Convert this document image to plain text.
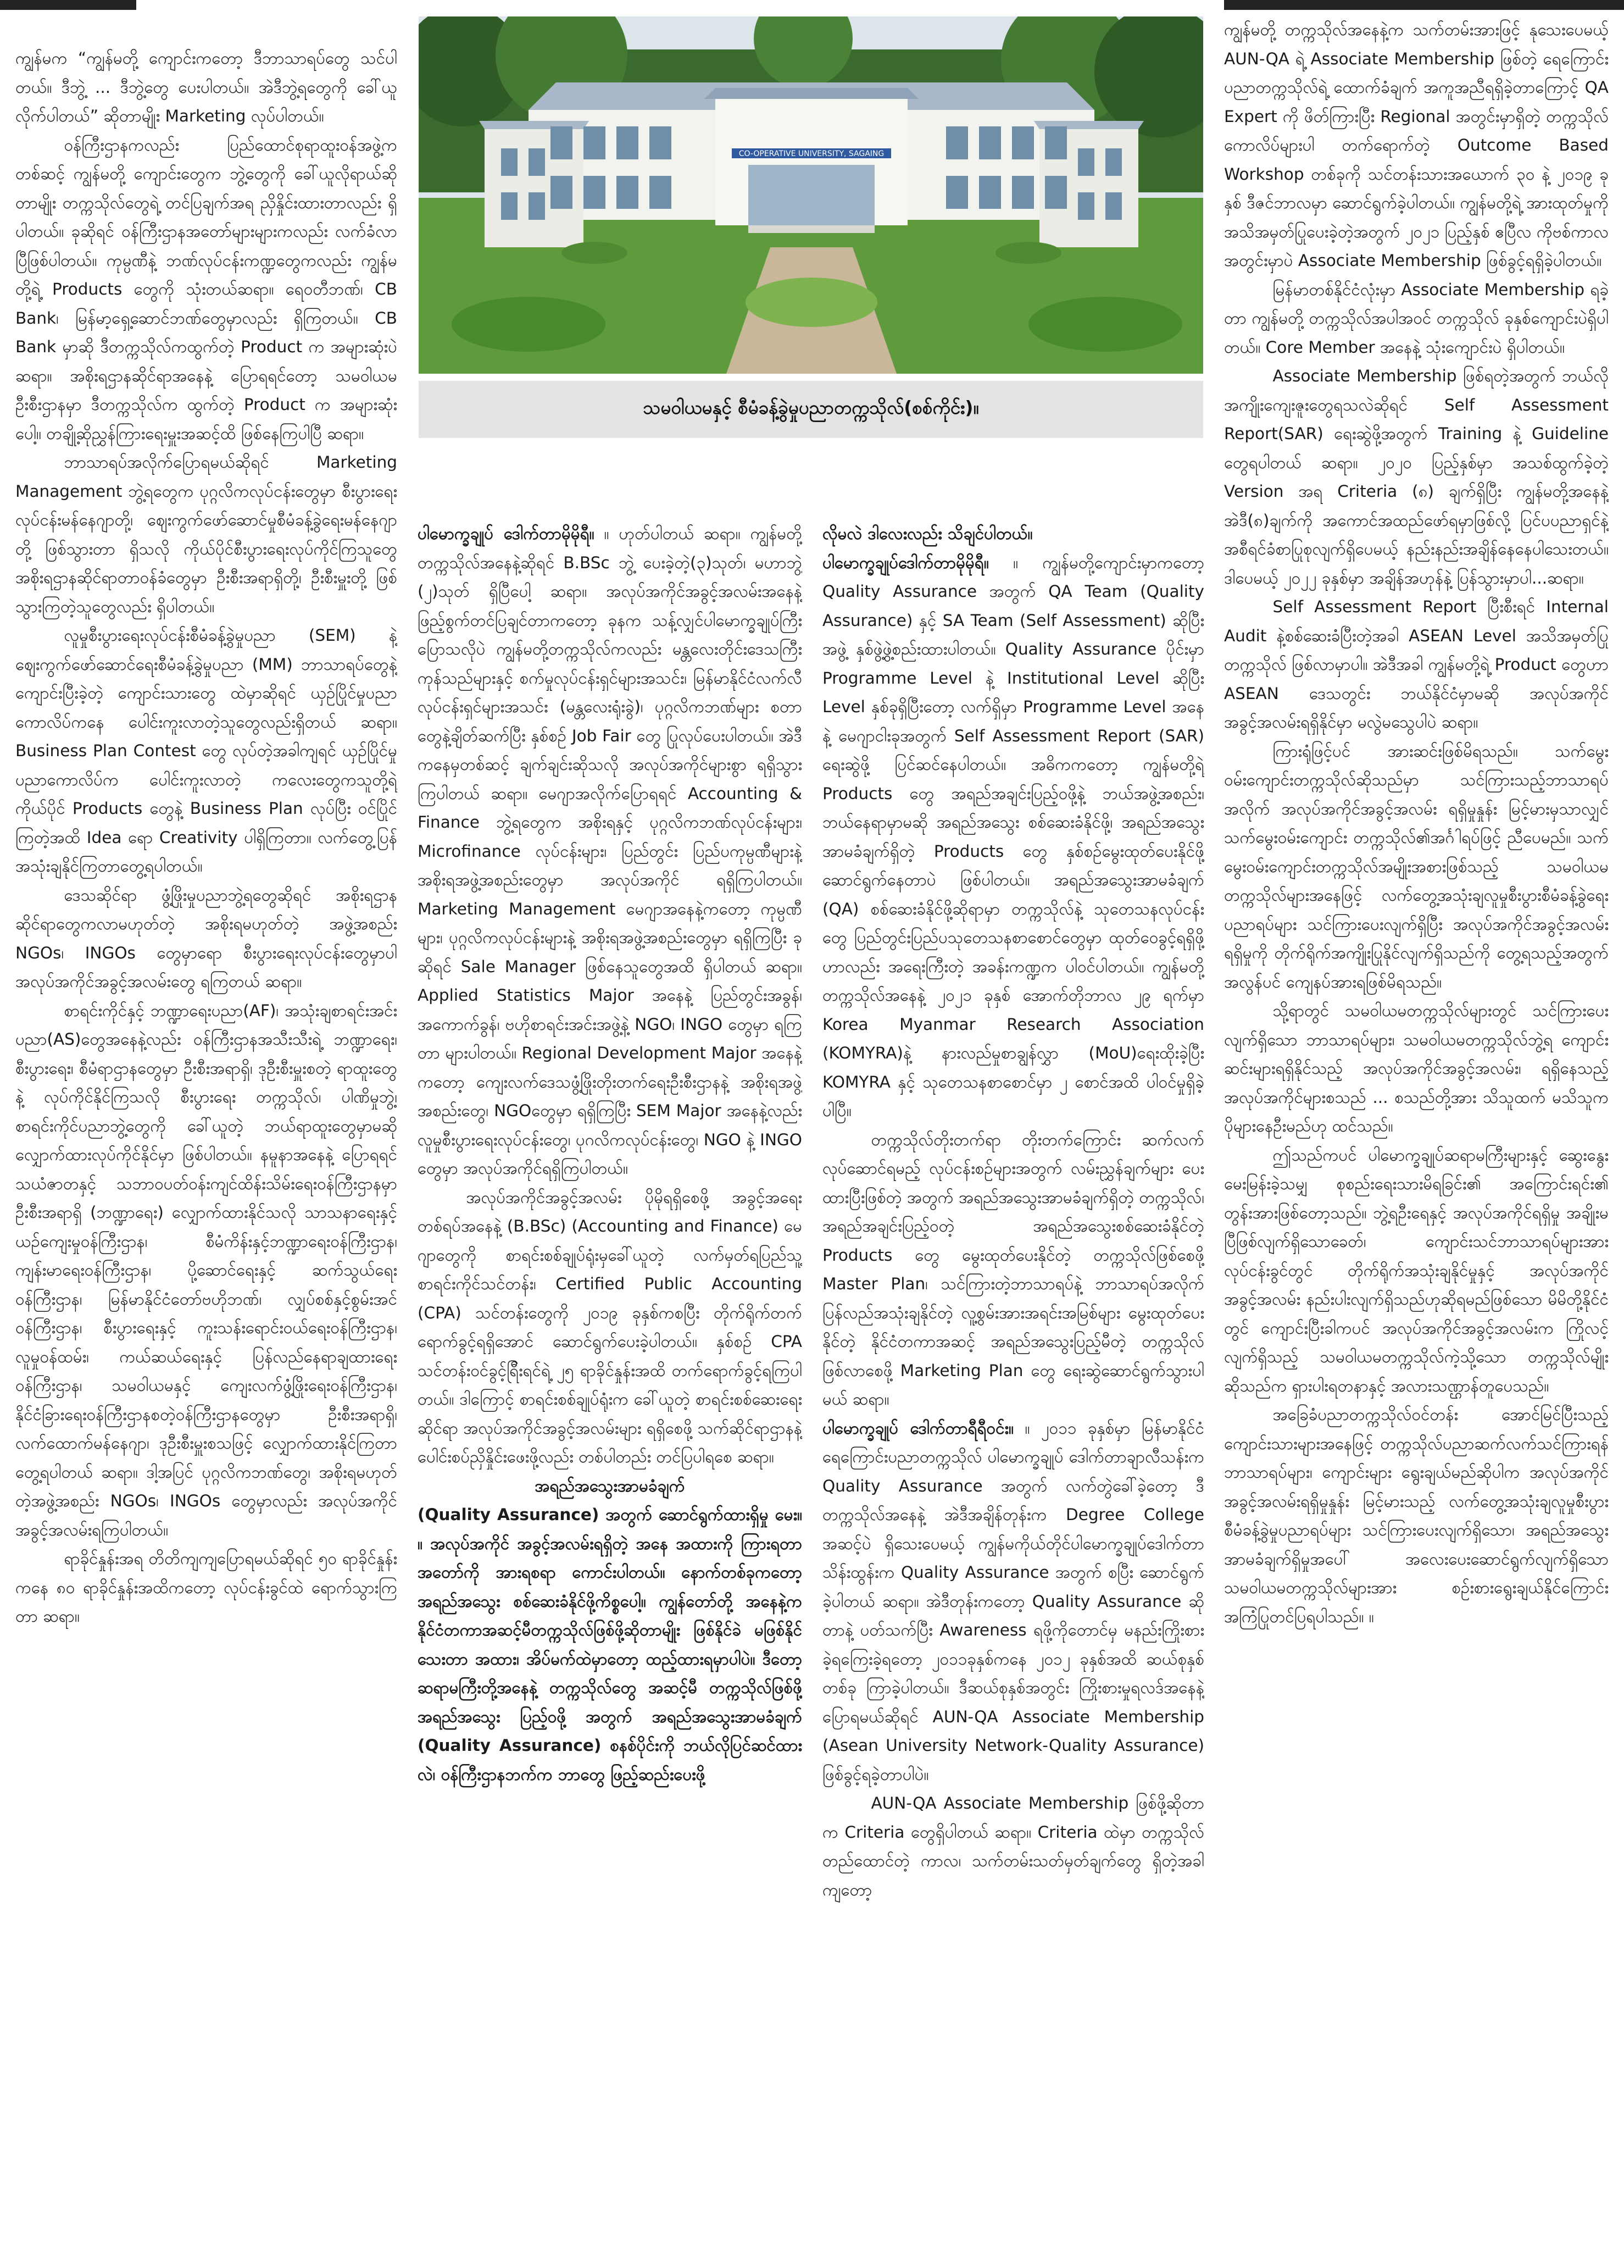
ကျွန်မက “ကျွန်မတို့ ကျောင်းကတော့ ဒီဘာသာရပ်တွေ သင်ပါတယ်။ ဒီဘွဲ့ ... ဒီဘွဲ့တွေ ပေးပါတယ်။ အဲဒီဘွဲ့ရတွေကို ခေါ်ယူလိုက်ပါတယ်” ဆိုတာမျိုး Marketing လုပ်ပါတယ်။

ဝန်ကြီးဌာနကလည်း ပြည်ထောင်စုရာထူးဝန်အဖွဲ့ကတစ်ဆင့် ကျွန်မတို့ ကျောင်းတွေက ဘွဲ့တွေကို ခေါ်ယူလိုရာယ်ဆိုတာမျိုး တက္ကသိုလ်တွေရဲ့ တင်ပြချက်အရ ညှိနှိုင်းထားတာလည်း ရှိပါတယ်။ ခုဆိုရင် ဝန်ကြီးဌာနအတော်များများကလည်း လက်ခံလာပြီဖြစ်ပါတယ်။ ကုမ္ပဏီနဲ့ ဘဏ်လုပ်ငန်းကဏ္ဍတွေကလည်း ကျွန်မတို့ရဲ့ Products တွေကို သုံးတယ်ဆရာ။ ရေဝတီဘဏ်၊ CB Bank၊ မြန်မာ့ရှေ့ဆောင်ဘဏ်တွေမှာလည်း ရှိကြတယ်။ CB Bank မှာဆို ဒီတက္ကသိုလ်ကထွက်တဲ့ Product က အများဆုံးပဲ ဆရာ။ အစိုးရဌာနဆိုင်ရာအနေနဲ့ ပြောရရင်တော့ သမဝါယမဦးစီးဌာနမှာ ဒီတက္ကသိုလ်က ထွက်တဲ့ Product က အများဆုံးပေါ့။ တချို့ဆိုညွှန်ကြားရေးမှူးအဆင့်ထိ ဖြစ်နေကြပါပြီ ဆရာ။

ဘာသာရပ်အလိုက်ပြောရမယ်ဆိုရင် Marketing Management ဘွဲ့ရတွေက ပုဂ္ဂလိကလုပ်ငန်းတွေမှာ စီးပွားရေးလုပ်ငန်းမန်နေဂျာတို့၊ ဈေးကွက်ဖော်ဆောင်မှုစီမံခန့်ခွဲရေးမန်နေဂျာတို့ ဖြစ်သွားတာ ရှိသလို ကိုယ်ပိုင်စီးပွားရေးလုပ်ကိုင်ကြသူတွေ အစိုးရဌာနဆိုင်ရာတာဝန်ခံတွေမှာ ဦးစီးအရာရှိတို့၊ ဦးစီးမှူးတို့ ဖြစ်သွားကြတဲ့သူတွေလည်း ရှိပါတယ်။

လူမှုစီးပွားရေးလုပ်ငန်းစီမံခန့်ခွဲမှုပညာ (SEM) နဲ့ ဈေးကွက်ဖော်ဆောင်ရေးစီမံခန့်ခွဲမှုပညာ (MM) ဘာသာရပ်တွေနဲ့ကျောင်းပြီးခဲ့တဲ့ ကျောင်းသားတွေ ထဲမှာဆိုရင် ယှဉ်ပြိုင်မှုပညာကောလိပ်ကနေ ပေါင်းကူးလာတဲ့သူတွေလည်းရှိတယ် ဆရာ။ Business Plan Contest တွေ လုပ်တဲ့အခါကျရင် ယှဉ်ပြိုင်မှုပညာကောလိပ်က ပေါင်းကူးလာတဲ့ ကလေးတွေကသူတို့ရဲ့ ကိုယ်ပိုင် Products တွေနဲ့ Business Plan လုပ်ပြီး ဝင်ပြိုင်ကြတဲ့အထိ Idea ရော Creativity ပါရှိကြတာ။ လက်တွေ့ပြန်အသုံးချနိုင်ကြတာတွေ့ရပါတယ်။

ဒေသဆိုင်ရာ ဖွံ့ဖြိုးမှုပညာဘွဲ့ရတွေဆိုရင် အစိုးရဌာနဆိုင်ရာတွေကလာမဟုတ်တဲ့ အစိုးရမဟုတ်တဲ့ အဖွဲ့အစည်း NGOs၊ INGOs တွေမှာရော စီးပွားရေးလုပ်ငန်းတွေမှာပါ အလုပ်အကိုင်အခွင့်အလမ်းတွေ ရကြတယ် ဆရာ။

စာရင်းကိုင်နှင့် ဘဏ္ဍာရေးပညာ(AF)၊ အသုံးချစာရင်းအင်းပညာ(AS)တွေအနေနဲ့လည်း ဝန်ကြီးဌာနအသီးသီးရဲ့ ဘဏ္ဍာရေး၊ စီးပွားရေး၊ စီမံရာဌာနတွေမှာ ဦးစီးအရာရှိ၊ ဒုဦးစီးမှူးစတဲ့ ရာထူးတွေနဲ့ လုပ်ကိုင်နိုင်ကြသလို စီးပွားရေး တက္ကသိုလ်၊ ပါဏိမှုဘွဲ့၊ စာရင်းကိုင်ပညာဘွဲ့တွေကို ခေါ်ယူတဲ့ ဘယ်ရာထူးတွေမှာမဆို လျှောက်ထားလုပ်ကိုင်နိုင်မှာ ဖြစ်ပါတယ်။ နမူနာအနေနဲ့ ပြောရရင် သယံဇာတနှင့် သဘာဝပတ်ဝန်းကျင်ထိန်းသိမ်းရေးဝန်ကြီးဌာနမှာ ဦးစီးအရာရှိ (ဘဏ္ဍာရေး) လျှောက်ထားနိုင်သလို သာသနာရေးနှင့်ယဉ်ကျေးမှုဝန်ကြီးဌာန၊ စီမံကိန်းနှင့်ဘဏ္ဍာရေးဝန်ကြီးဌာန၊ ကျန်းမာရေးဝန်ကြီးဌာန၊ ပို့ဆောင်ရေးနှင့် ဆက်သွယ်ရေးဝန်ကြီးဌာန၊ မြန်မာနိုင်ငံတော်ဗဟိုဘဏ်၊ လျှပ်စစ်နှင့်စွမ်းအင်ဝန်ကြီးဌာန၊ စီးပွားရေးနှင့် ကူးသန်းရောင်းဝယ်ရေးဝန်ကြီးဌာန၊ လူမှုဝန်ထမ်း၊ ကယ်ဆယ်ရေးနှင့် ပြန်လည်နေရာချထားရေးဝန်ကြီးဌာန၊ သမဝါယမနှင့် ကျေးလက်ဖွံ့ဖြိုးရေးဝန်ကြီးဌာန၊ နိုင်ငံခြားရေးဝန်ကြီးဌာနစတဲ့ဝန်ကြီးဌာနတွေမှာ ဦးစီးအရာရှိ၊ လက်ထောက်မန်နေဂျာ၊ ဒုဦးစီးမှူးစသဖြင့် လျှောက်ထားနိုင်ကြတာ တွေ့ရပါတယ် ဆရာ။ ဒါ့အပြင် ပုဂ္ဂလိကဘဏ်တွေ၊ အစိုးရမဟုတ်တဲ့အဖွဲ့အစည်း NGOs၊ INGOs တွေမှာလည်း အလုပ်အကိုင်အခွင့်အလမ်းရကြပါတယ်။

ရာခိုင်နှုန်းအရ တိတိကျကျပြောရမယ်ဆိုရင် ၅၀ ရာခိုင်နှုန်းကနေ ၈၀ ရာခိုင်နှုန်းအထိကတော့ လုပ်ငန်းခွင်ထဲ ရောက်သွားကြတာ ဆရာ။

CO-OPERATIVE UNIVERSITY, SAGAING
သမဝါယမနှင့် စီမံခန့်ခွဲမှုပညာတက္ကသိုလ်(စစ်ကိုင်း)။

ပါမောက္ခချုပ် ဒေါက်တာမိုမိုရီ။ ။ ဟုတ်ပါတယ် ဆရာ။ ကျွန်မတို့ တက္ကသိုလ်အနေနဲ့ဆိုရင် B.BSc ဘွဲ့ ပေးခဲ့တဲ့(၃)သုတ်၊ မဟာဘွဲ့ (၂)သုတ် ရှိပြီပေါ့ ဆရာ။ အလုပ်အကိုင်အခွင့်အလမ်းအနေနဲ့ ဖြည့်စွက်တင်ပြချင်တာကတော့ ခုနက သန့်လျှင်ပါမောက္ခချုပ်ကြီးပြောသလိုပဲ ကျွန်မတို့တက္ကသိုလ်ကလည်း မန္တလေးတိုင်းဒေသကြီး ကုန်သည်များနှင့် စက်မှုလုပ်ငန်းရှင်များအသင်း၊ မြန်မာနိုင်ငံလက်လီလုပ်ငန်းရှင်များအသင်း (မန္တလေးရုံးခွဲ)၊ ပုဂ္ဂလိကဘဏ်များ စတာတွေနဲ့ချိတ်ဆက်ပြီး နှစ်စဉ် Job Fair တွေ ပြုလုပ်ပေးပါတယ်။ အဲဒီကနေမှတစ်ဆင့် ချက်ချင်းဆိုသလို အလုပ်အကိုင်များစွာ ရရှိသွားကြပါတယ် ဆရာ။ မေဂျာအလိုက်ပြောရရင် Accounting & Finance ဘွဲ့ရတွေက အစိုးရနှင့် ပုဂ္ဂလိကဘဏ်လုပ်ငန်းများ၊ Microfinance လုပ်ငန်းများ၊ ပြည်တွင်း ပြည်ပကုမ္ပဏီများနဲ့ အစိုးရအဖွဲ့အစည်းတွေမှာ အလုပ်အကိုင် ရရှိကြပါတယ်။ Marketing Management မေဂျာအနေနဲ့ကတော့ ကုမ္ပဏီများ၊ ပုဂ္ဂလိကလုပ်ငန်းများနဲ့ အစိုးရအဖွဲ့အစည်းတွေမှာ ရရှိကြပြီး ခုဆိုရင် Sale Manager ဖြစ်နေသူတွေအထိ ရှိပါတယ် ဆရာ။ Applied Statistics Major အနေနဲ့ ပြည်တွင်းအခွန်၊ အကောက်ခွန်၊ ဗဟိုစာရင်းအင်းအဖွဲ့နဲ့ NGO၊ INGO တွေမှာ ရကြတာ များပါတယ်။ Regional Development Major အနေနဲ့ကတော့ ကျေးလက်ဒေသဖွံ့ဖြိုးတိုးတက်ရေးဦးစီးဌာနနဲ့ အစိုးရအဖွဲ့အစည်းတွေ၊ NGOတွေမှာ ရရှိကြပြီး SEM Major အနေနဲ့လည်း လူမှုစီးပွားရေးလုပ်ငန်းတွေ၊ ပုဂလိကလုပ်ငန်းတွေ၊ NGO နဲ့ INGO တွေမှာ အလုပ်အကိုင်ရရှိကြပါတယ်။

အလုပ်အကိုင်အခွင့်အလမ်း ပိုမိုရရှိစေဖို့ အခွင့်အရေးတစ်ရပ်အနေနဲ့ (B.BSc) (Accounting and Finance) မေဂျာတွေကို စာရင်းစစ်ချုပ်ရုံးမှခေါ်ယူတဲ့ လက်မှတ်ရပြည်သူ့စာရင်းကိုင်သင်တန်း၊ Certified Public Accounting (CPA) သင်တန်းတွေကို ၂၀၁၉ ခုနှစ်ကစပြီး တိုက်ရိုက်တက်ရောက်ခွင့်ရရှိအောင် ဆောင်ရွက်ပေးခဲ့ပါတယ်။ နှစ်စဉ် CPA သင်တန်းဝင်ခွင့်ရြီးရင်ရဲ့ ၂၅ ရာခိုင်နှုန်းအထိ တက်ရောက်ခွင့်ရကြပါတယ်။ ဒါကြောင့် စာရင်းစစ်ချုပ်ရုံးက ခေါ်ယူတဲ့ စာရင်းစစ်ဆေးရေးဆိုင်ရာ အလုပ်အကိုင်အခွင့်အလမ်းများ ရရှိစေဖို့ သက်ဆိုင်ရာဌာနနဲ့ ပေါင်းစပ်ညှိနှိုင်းဖေးဖို့လည်း တစ်ပါတည်း တင်ပြပါရစေ ဆရာ။

အရည်အသွေးအာမခံချက်

(Quality Assurance) အတွက် ဆောင်ရွက်ထားရှိမှု မေး။ ။ အလုပ်အကိုင် အခွင့်အလမ်းရရှိတဲ့ အနေ အထားကို ကြားရတာ အတော်ကို အားရစရာ ကောင်းပါတယ်။ နောက်တစ်ခုကတော့ အရည်အသွေး စစ်ဆေးခံနိုင်ဖို့ကိစ္စပေါ့။ ကျွန်တော်တို့ အနေနဲ့က နိုင်ငံတကာအဆင့်မီတက္ကသိုလ်ဖြစ်ဖို့ဆိုတာမျိုး ဖြစ်နိုင်ခဲ မဖြစ်နိုင်သေးတာ အထား၊ အိပ်မက်ထဲမှာတော့ ထည့်ထားရမှာပါပဲ။ ဒီတော့ ဆရာမကြီးတို့အနေနဲ့ တက္ကသိုလ်တွေ အဆင့်မီ တက္ကသိုလ်ဖြစ်ဖို့ အရည်အသွေး ပြည့်ဝဖို့ အတွက် အရည်အသွေးအာမခံချက် (Quality Assurance) စနစ်ပိုင်းကို ဘယ်လိုပြင်ဆင်ထားလဲ၊ ဝန်ကြီးဌာနဘက်က ဘာတွေ ဖြည့်ဆည်းပေးဖို့

လိုမလဲ ဒါလေးလည်း သိချင်ပါတယ်။

ပါမောက္ခချုပ်ဒေါက်တာမိုမိုရီ။ ။ ကျွန်မတို့ကျောင်းမှာကတော့ Quality Assurance အတွက် QA Team (Quality Assurance) နှင့် SA Team (Self Assessment) ဆိုပြီး အဖွဲ့ နှစ်ဖွဲ့ဖွဲ့စည်းထားပါတယ်။ Quality Assurance ပိုင်းမှာ Programme Level နဲ့ Institutional Level ဆိုပြီး Level နှစ်ခုရှိပြီးတော့ လက်ရှိမှာ Programme Level အနေနဲ့ မေဂျာငါးခုအတွက် Self Assessment Report (SAR) ရေးဆွဲဖို့ ပြင်ဆင်နေပါတယ်။ အဓိကကတော့ ကျွန်မတို့ရဲ့ Products တွေ အရည်အချင်းပြည့်ဝဖို့နဲ့ ဘယ်အဖွဲ့အစည်း၊ ဘယ်နေရာမှာမဆို အရည်အသွေး စစ်ဆေးခံနိုင်ဖို့၊ အရည်အသွေးအာမခံချက်ရှိတဲ့ Products တွေ နှစ်စဉ်မွေးထုတ်ပေးနိုင်ဖို့ ဆောင်ရွက်နေတာပဲ ဖြစ်ပါတယ်။ အရည်အသွေးအာမခံချက် (QA) စစ်ဆေးခံနိုင်ဖို့ဆိုရာမှာ တက္ကသိုလ်နဲ့ သုတေသနလုပ်ငန်းတွေ ပြည်တွင်းပြည်ပသုတေသနစာစောင်တွေမှာ ထုတ်ဝေခွင့်ရရှိဖို့ဟာလည်း အရေးကြီးတဲ့ အခန်းကဏ္ဍက ပါဝင်ပါတယ်။ ကျွန်မတို့တက္ကသိုလ်အနေနဲ့ ၂၀၂၁ ခုနှစ် အောက်တိုဘာလ ၂၉ ရက်မှာ Korea Myanmar Research Association (KOMYRA)နဲ့ နားလည်မှုစာချွန်လွှာ (MoU)ရေးထိုးခဲ့ပြီး KOMYRA နှင့် သုတေသနစာစောင်မှာ ၂ စောင်အထိ ပါဝင်မှုရှိခဲ့ပါပြီ။

တက္ကသိုလ်တိုးတက်ရာ တိုးတက်ကြောင်း ဆက်လက်လုပ်ဆောင်ရမည့် လုပ်ငန်းစဉ်များအတွက် လမ်းညွှန်ချက်များ ပေးထားပြီးဖြစ်တဲ့ အတွက် အရည်အသွေးအာမခံချက်ရှိတဲ့ တက္ကသိုလ်၊ အရည်အချင်းပြည့်ဝတဲ့ အရည်အသွေးစစ်ဆေးခံနိုင်တဲ့ Products တွေ မွေးထုတ်ပေးနိုင်တဲ့ တက္ကသိုလ်ဖြစ်စေဖို့ Master Plan၊ သင်ကြားတဲ့ဘာသာရပ်နဲ့ ဘာသာရပ်အလိုက် ပြန်လည်အသုံးချနိုင်တဲ့ လူ့စွမ်းအားအရင်းအမြစ်များ မွေးထုတ်ပေးနိုင်တဲ့ နိုင်ငံတကာအဆင့် အရည်အသွေးပြည့်မီတဲ့ တက္ကသိုလ် ဖြစ်လာစေဖို့ Marketing Plan တွေ ရေးဆွဲဆောင်ရွက်သွားပါမယ် ဆရာ။

ပါမောက္ခချုပ် ဒေါက်တာရီရီဝင်း။ ။ ၂၀၁၁ ခုနှစ်မှာ မြန်မာနိုင်ငံ ရေကြောင်းပညာတက္ကသိုလ် ပါမောက္ခချုပ် ဒေါက်တာချာလီသန်းက Quality Assurance အတွက် လက်တွဲခေါ်ခဲ့တော့ ဒီတက္ကသိုလ်အနေနဲ့ အဲဒီအချိန်တုန်းက Degree College အဆင့်ပဲ ရှိသေးပေမယ့် ကျွန်မကိုယ်တိုင်ပါမောက္ခချုပ်ဒေါက်တာ သိန်းထွန်းက Quality Assurance အတွက် စပြီး ဆောင်ရွက်ခဲ့ပါတယ် ဆရာ။ အဲဒီတုန်းကတော့ Quality Assurance ဆိုတာနဲ့ ပတ်သက်ပြီး Awareness ရဖို့ကိုတောင်မှ မနည်းကြိုးစားခဲ့ရ‌ကြေးခဲ့ရတော့ ၂၀၁၁ခုနှစ်ကနေ ၂၀၁၂ ခုနှစ်အထိ ဆယ်စုနှစ်တစ်ခု ကြာခဲ့ပါတယ်။ ဒီဆယ်စုနှစ်အတွင်း ကြိုးစားမှုရလဒ်အနေနဲ့ ပြောရမယ်ဆိုရင် AUN-QA Associate Membership (Asean University Network-Quality Assurance) ဖြစ်ခွင့်ရခဲ့တာပါပဲ။

AUN-QA Associate Membership ဖြစ်ဖို့ဆိုတာက Criteria တွေရှိပါတယ် ဆရာ။ Criteria ထဲမှာ တက္ကသိုလ်တည်ထောင်တဲ့ ကာလ၊ သက်တမ်းသတ်မှတ်ချက်တွေ ရှိတဲ့အခါကျတော့

ကျွန်မတို့ တက္ကသိုလ်အနေနဲ့က သက်တမ်းအားဖြင့် နုသေးပေမယ့် AUN-QA ရဲ့ Associate Membership ဖြစ်တဲ့ ရေကြောင်းပညာတက္ကသိုလ်ရဲ့ ထောက်ခံချက် အကူအညီရရှိခဲ့တာကြောင့် QA Expert ကို ဖိတ်ကြားပြီး Regional အတွင်းမှာရှိတဲ့ တက္ကသိုလ်ကောလိပ်များပါ တက်ရောက်တဲ့ Outcome Based Workshop တစ်ခုကို သင်တန်းသားအယောက် ၃၀ နဲ့ ၂၀၁၉ ခုနှစ် ဒီဇင်ဘာလမှာ ဆောင်ရွက်ခဲ့ပါတယ်။ ကျွန်မတို့ရဲ့ အားထုတ်မှုကို အသိအမှတ်ပြုပေးခဲ့တဲ့အတွက် ၂၀၂၁ ပြည့်နှစ် ဧပြီလ ကိုဗစ်ကာလအတွင်းမှာပဲ Associate Membership ဖြစ်ခွင့်ရရှိခဲ့ပါတယ်။

မြန်မာတစ်နိုင်ငံလုံးမှာ Associate Membership ရခဲ့တာ ကျွန်မတို့ တက္ကသိုလ်အပါအဝင် တက္ကသိုလ် ခုနှစ်ကျောင်းပဲရှိပါတယ်။ Core Member အနေနဲ့ သုံးကျောင်းပဲ ရှိပါတယ်။

Associate Membership ဖြစ်ရတဲ့အတွက် ဘယ်လိုအကျိုးကျေးဇူးတွေရသလဲဆိုရင် Self Assessment Report(SAR) ရေးဆွဲဖို့အတွက် Training နဲ့ Guideline တွေရပါတယ် ဆရာ။ ၂၀၂၀ ပြည့်နှစ်မှာ အသစ်ထွက်ခဲ့တဲ့ Version အရ Criteria (၈) ချက်ရှိပြီး ကျွန်မတို့အနေနဲ့ အဲဒီ(၈)ချက်ကို အကောင်အထည်ဖော်ရမှာဖြစ်လို့ ပြင်ပပညာရှင်နဲ့ အစီရင်ခံစာပြုစုလျက်ရှိပေမယ့် နည်းနည်းအချိန်နေနေပါသေးတယ်။ ဒါပေမယ့် ၂၀၂၂ ခုနှစ်မှာ အချိန်အဟုန်နဲ့ ပြန်သွားမှာပါ...ဆရာ။

Self Assessment Report ပြီးစီးရင် Internal Audit နဲ့စစ်ဆေးခံပြီးတဲ့အခါ ASEAN Level အသိအမှတ်ပြုတက္ကသိုလ် ဖြစ်လာမှာပါ။ အဲဒီအခါ ကျွန်မတို့ရဲ့ Product တွေဟာ ASEAN ဒေသတွင်း ဘယ်နိုင်ငံမှာမဆို အလုပ်အကိုင်အခွင့်အလမ်းရရှိနိုင်မှာ မလွဲမသွေပါပဲ ဆရာ။

ကြားရုံဖြင့်ပင် အားဆင်းဖြစ်မိရသည်။ သက်မွေးဝမ်းကျောင်းတက္ကသိုလ်ဆိုသည်မှာ သင်ကြားသည့်ဘာသာရပ်အလိုက် အလုပ်အကိုင်အခွင့်အလမ်း ရရှိမှုနှုန်း မြင့်မားမှသာလျှင် သက်မွေးဝမ်းကျောင်း တက္ကသိုလ်၏အင်္ဂါရပ်ဖြင့် ညီပေမည်။ သက်မွေးဝမ်းကျောင်းတက္ကသိုလ်အမျိုးအစားဖြစ်သည့် သမဝါယမတက္ကသိုလ်များအနေဖြင့် လက်တွေ့အသုံးချလူမှုစီးပွားစီမံခန့်ခွဲရေးပညာရပ်များ သင်ကြားပေးလျက်ရှိပြီး အလုပ်အကိုင်အခွင့်အလမ်းရရှိမှုကို တိုက်ရိုက်အကျိုးပြုနိုင်လျက်ရှိသည်ကို တွေ့ရသည့်အတွက် အလွန်ပင် ကျေနပ်အားရဖြစ်မိရသည်။

သို့ရာတွင် သမဝါယမတက္ကသိုလ်များတွင် သင်ကြားပေးလျက်ရှိသော ဘာသာရပ်များ၊ သမဝါယမတက္ကသိုလ်ဘွဲ့ရ ကျောင်းဆင်းများရရှိနိုင်သည့် အလုပ်အကိုင်အခွင့်အလမ်း၊ ရရှိနေသည့် အလုပ်အကိုင်များစသည် ... စသည်တို့အား သိသူထက် မသိသူက ပိုများနေဦးမည်ဟု ထင်သည်။

ဤသည်ကပင် ပါမောက္ခချုပ်ဆရာမကြီးများနှင့် ဆွေးနွေးမေးမြန်းခဲ့သမျှ စုစည်းရေးသားမိရခြင်း၏ အကြောင်းရင်း၏ တွန်းအားဖြစ်တော့သည်။ ဘွဲ့ရဦးရေနှင့် အလုပ်အကိုင်ရရှိမှု အချိုးမပြီဖြစ်လျက်ရှိသောခေတ်၊ ကျောင်းသင်ဘာသာရပ်များအား လုပ်ငန်းခွင်တွင် တိုက်ရိုက်အသုံးချနိုင်မှုနှင့် အလုပ်အကိုင်အခွင့်အလမ်း နည်းပါးလျက်ရှိသည်ဟုဆိုရမည်ဖြစ်သော မိမိတို့နိုင်ငံတွင် ကျောင်းပြီးခါကပင် အလုပ်အကိုင်အခွင့်အလမ်းက ကြိုလင့်လျက်ရှိသည့် သမဝါယမတက္ကသိုလ်ကဲ့သို့သော တက္ကသိုလ်မျိုးဆိုသည်က ရှားပါးရတနာနှင့် အလားသဏ္ဌာန်တူပေသည်။

အခြေခံပညာတက္ကသိုလ်ဝင်တန်း အောင်မြင်ပြီးသည့် ကျောင်းသားများအနေဖြင့် တက္ကသိုလ်ပညာဆက်လက်သင်ကြားရန် ဘာသာရပ်များ၊ ကျောင်းများ ရွေးချယ်မည်ဆိုပါက အလုပ်အကိုင်အခွင့်အလမ်းရရှိမှုနှုန်း မြင့်မားသည့် လက်တွေ့အသုံးချလူမှုစီးပွားစီမံခန့်ခွဲမှုပညာရပ်များ သင်ကြားပေးလျက်ရှိသော၊ အရည်အသွေးအာမခံချက်ရှိမှုအပေါ် အလေးပေးဆောင်ရွက်လျက်ရှိသော သမဝါယမတက္ကသိုလ်များအား စဉ်းစားရွေးချယ်နိုင်ကြောင်း အကြံပြုတင်ပြရပါသည်။ ။
